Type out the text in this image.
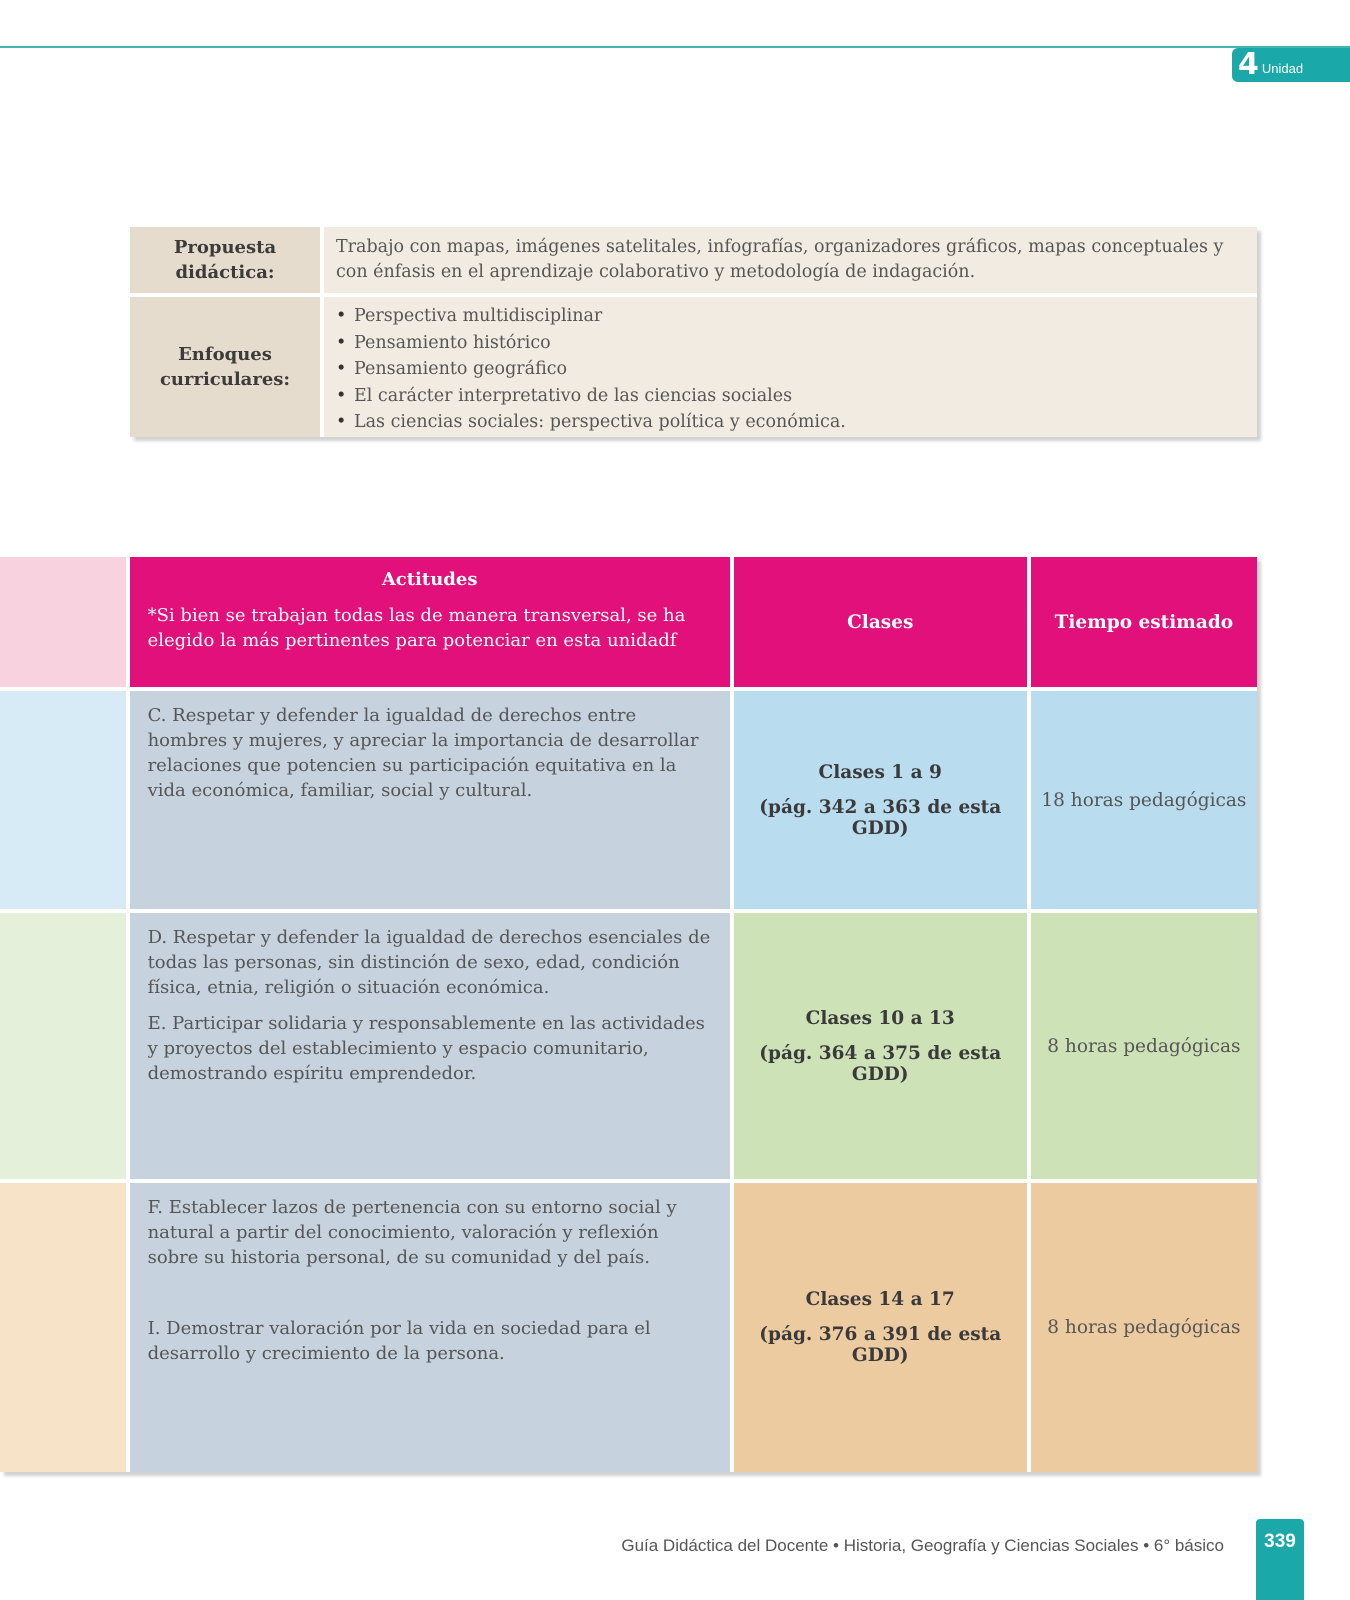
4 Unidad
Propuesta didáctica:
Trabajo con mapas, imágenes satelitales, infografías, organizadores gráficos, mapas conceptuales y con énfasis en el aprendizaje colaborativo y metodología de indagación.
Enfoques curriculares:
• Perspectiva multidisciplinar
• Pensamiento histórico
• Pensamiento geográfico
• El carácter interpretativo de las ciencias sociales
• Las ciencias sociales: perspectiva política y económica.
Actitudes
*Si bien se trabajan todas las de manera transversal, se ha elegido la más pertinentes para potenciar en esta unidadf
Clases	Tiempo estimado

C. Respetar y defender la igualdad de derechos entre hombres y mujeres, y apreciar la importancia de desarrollar relaciones que potencien su participación equitativa en la vida económica, familiar, social y cultural.

Clases 1 a 9
(pág. 342 a 363 de esta GDD)
18 horas pedagógicas

D. Respetar y defender la igualdad de derechos esenciales de todas las personas, sin distinción de sexo, edad, condición física, etnia, religión o situación económica.

E. Participar solidaria y responsablemente en las actividades y proyectos del establecimiento y espacio comunitario, demostrando espíritu emprendedor.

Clases 10 a 13
(pág. 364 a 375 de esta GDD)
8 horas pedagógicas

F. Establecer lazos de pertenencia con su entorno social y natural a partir del conocimiento, valoración y reflexión sobre su historia personal, de su comunidad y del país.

I. Demostrar valoración por la vida en sociedad para el desarrollo y crecimiento de la persona.

Clases 14 a 17
(pág. 376 a 391 de esta GDD)
8 horas pedagógicas
Guía Didáctica del Docente • Historia, Geografía y Ciencias Sociales • 6° básico	339
